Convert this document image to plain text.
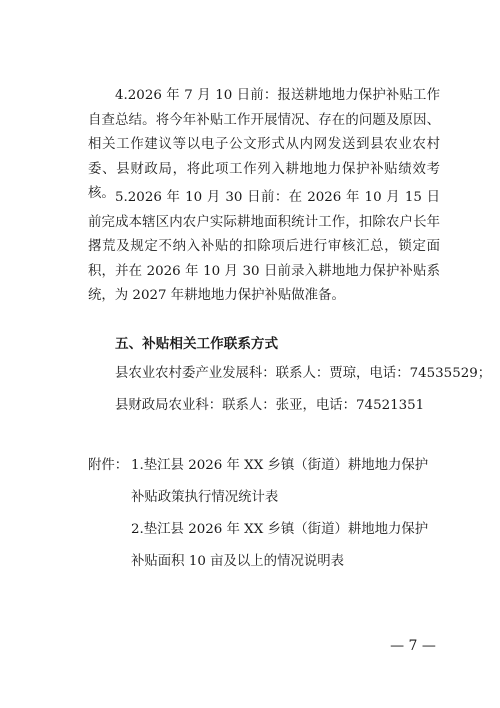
4.2026 年 7 月 10 日前：报送耕地地力保护补贴工作自查总结。将今年补贴工作开展情况、存在的问题及原因、相关工作建议等以电子公文形式从内网发送到县农业农村委、县财政局，将此项工作列入耕地地力保护补贴绩效考核。 5.2026 年 10 月 30 日前：在 2026 年 10 月 15 日前完成本辖区内农户实际耕地面积统计工作，扣除农户长年撂荒及规定不纳入补贴的扣除项后进行审核汇总，锁定面积，并在 2026 年 10 月 30 日前录入耕地地力保护补贴系统，为 2027 年耕地地力保护补贴做准备。
五、补贴相关工作联系方式
县农业农村委产业发展科：联系人：贾琼，电话：74535529；
县财政局农业科：联系人：张亚，电话：74521351
附件： 1.垫江县 2026 年 XX 乡镇（街道）耕地地力保护
补贴政策执行情况统计表
2.垫江县 2026 年 XX 乡镇（街道）耕地地力保护
补贴面积 10 亩及以上的情况说明表
— 7 —
